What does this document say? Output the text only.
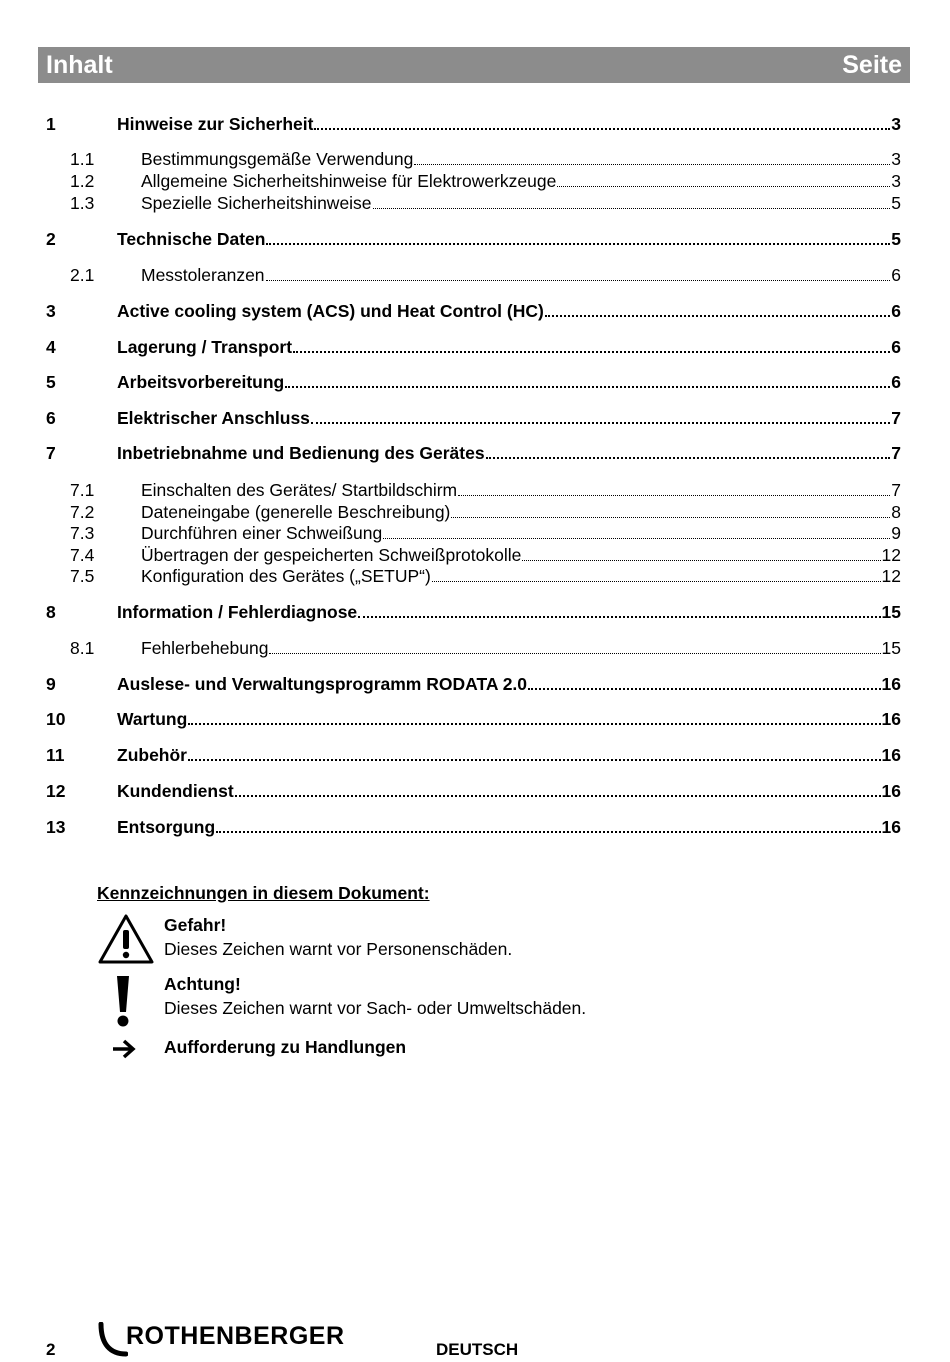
Inhalt	Seite
1	Hinweise zur Sicherheit	3
1.1	Bestimmungsgemäße Verwendung	3
1.2	Allgemeine Sicherheitshinweise für Elektrowerkzeuge	3
1.3	Spezielle Sicherheitshinweise	5
2	Technische Daten	5
2.1	Messtoleranzen	6
3	Active cooling system (ACS) und Heat Control (HC)	6
4	Lagerung / Transport	6
5	Arbeitsvorbereitung	6
6	Elektrischer Anschluss	7
7	Inbetriebnahme und Bedienung des Gerätes	7
7.1	Einschalten des Gerätes/ Startbildschirm	7
7.2	Dateneingabe (generelle Beschreibung)	8
7.3	Durchführen einer Schweißung	9
7.4	Übertragen der gespeicherten Schweißprotokolle	12
7.5	Konfiguration des Gerätes („SETUP“)	12
8	Information / Fehlerdiagnose	15
8.1	Fehlerbehebung	15
9	Auslese- und Verwaltungsprogramm RODATA 2.0	16
10	Wartung	16
11	Zubehör	16
12	Kundendienst	16
13	Entsorgung	16
Kennzeichnungen in diesem Dokument:
Gefahr!
Dieses Zeichen warnt vor Personenschäden.
Achtung!
Dieses Zeichen warnt vor Sach- oder Umweltschäden.
Aufforderung zu Handlungen
2	ROTHENBERGER	DEUTSCH
